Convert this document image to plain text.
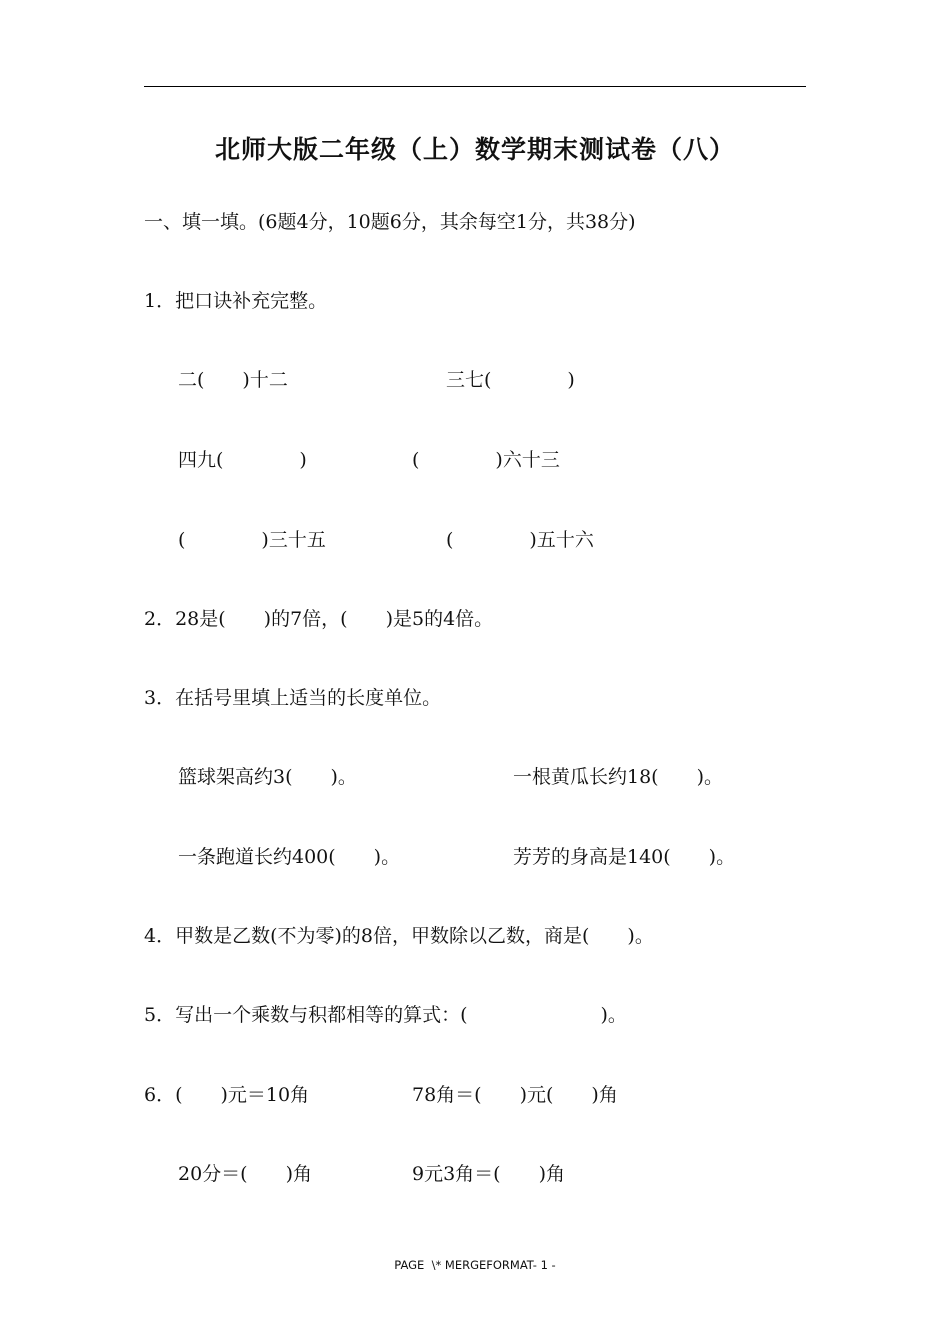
北师大版二年级（上）数学期末测试卷（八）
一、填一填。(6题4分，10题6分，其余每空1分，共38分)
1．把口诀补充完整。
二(　　)十二	三七(　　　　)
四九(　　　　)	(　　　　)六十三
(　　　　)三十五	(　　　　)五十六
2．28是(　　)的7倍，(　　)是5的4倍。
3．在括号里填上适当的长度单位。
篮球架高约3(　　)。	一根黄瓜长约18(　　)。
一条跑道长约400(　　)。	芳芳的身高是140(　　)。
4．甲数是乙数(不为零)的8倍，甲数除以乙数，商是(　　)。
5．写出一个乘数与积都相等的算式：(　　　　　　　)。
6．(　　)元＝10角	78角＝(　　)元(　　)角
20分＝(　　)角	9元3角＝(　　)角
PAGE  \* MERGEFORMAT- 1 -
